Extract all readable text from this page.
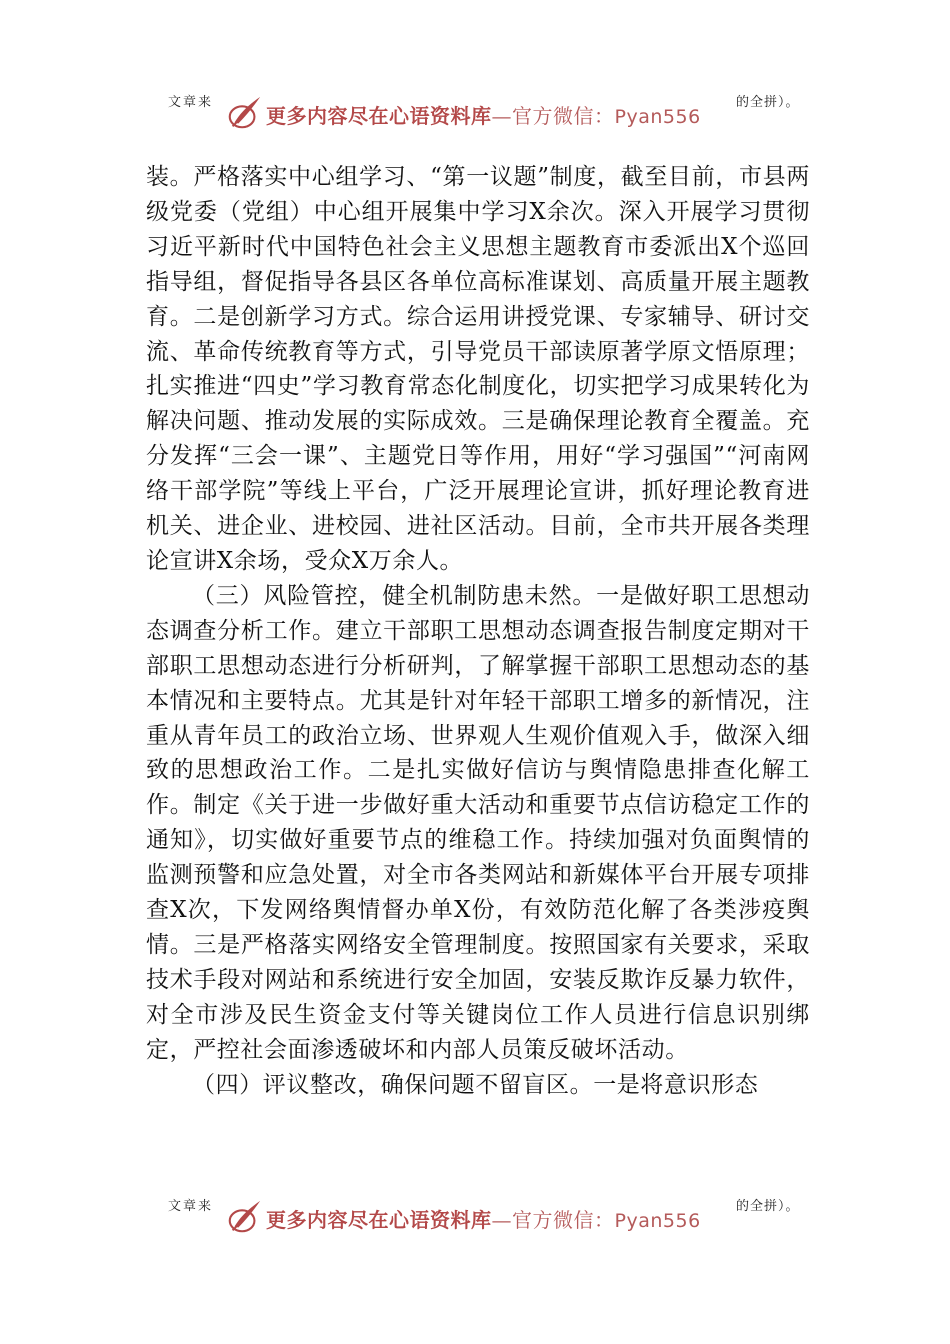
文章来
更多内容尽在心语资料库—官方微信：Pyan556
的全拼）。

装。严格落实中心组学习、“第一议题”制度，截至目前，市县两级党委（党组）中心组开展集中学习X余次。深入开展学习贯彻习近平新时代中国特色社会主义思想主题教育市委派出X个巡回指导组，督促指导各县区各单位高标准谋划、高质量开展主题教育。二是创新学习方式。综合运用讲授党课、专家辅导、研讨交流、革命传统教育等方式，引导党员干部读原著学原文悟原理；扎实推进“四史”学习教育常态化制度化，切实把学习成果转化为解决问题、推动发展的实际成效。三是确保理论教育全覆盖。充分发挥“三会一课”、主题党日等作用，用好“学习强国”“河南网络干部学院”等线上平台，广泛开展理论宣讲，抓好理论教育进机关、进企业、进校园、进社区活动。目前，全市共开展各类理论宣讲X余场，受众X万余人。

（三）风险管控，健全机制防患未然。一是做好职工思想动态调查分析工作。建立干部职工思想动态调查报告制度定期对干部职工思想动态进行分析研判，了解掌握干部职工思想动态的基本情况和主要特点。尤其是针对年轻干部职工增多的新情况，注重从青年员工的政治立场、世界观人生观价值观入手，做深入细致的思想政治工作。二是扎实做好信访与舆情隐患排查化解工作。制定《关于进一步做好重大活动和重要节点信访稳定工作的通知》，切实做好重要节点的维稳工作。持续加强对负面舆情的监测预警和应急处置，对全市各类网站和新媒体平台开展专项排查X次，下发网络舆情督办单X份，有效防范化解了各类涉疫舆情。三是严格落实网络安全管理制度。按照国家有关要求，采取技术手段对网站和系统进行安全加固，安装反欺诈反暴力软件，对全市涉及民生资金支付等关键岗位工作人员进行信息识别绑定，严控社会面渗透破坏和内部人员策反破坏活动。

（四）评议整改，确保问题不留盲区。一是将意识形态

文章来
更多内容尽在心语资料库—官方微信：Pyan556
的全拼）。
